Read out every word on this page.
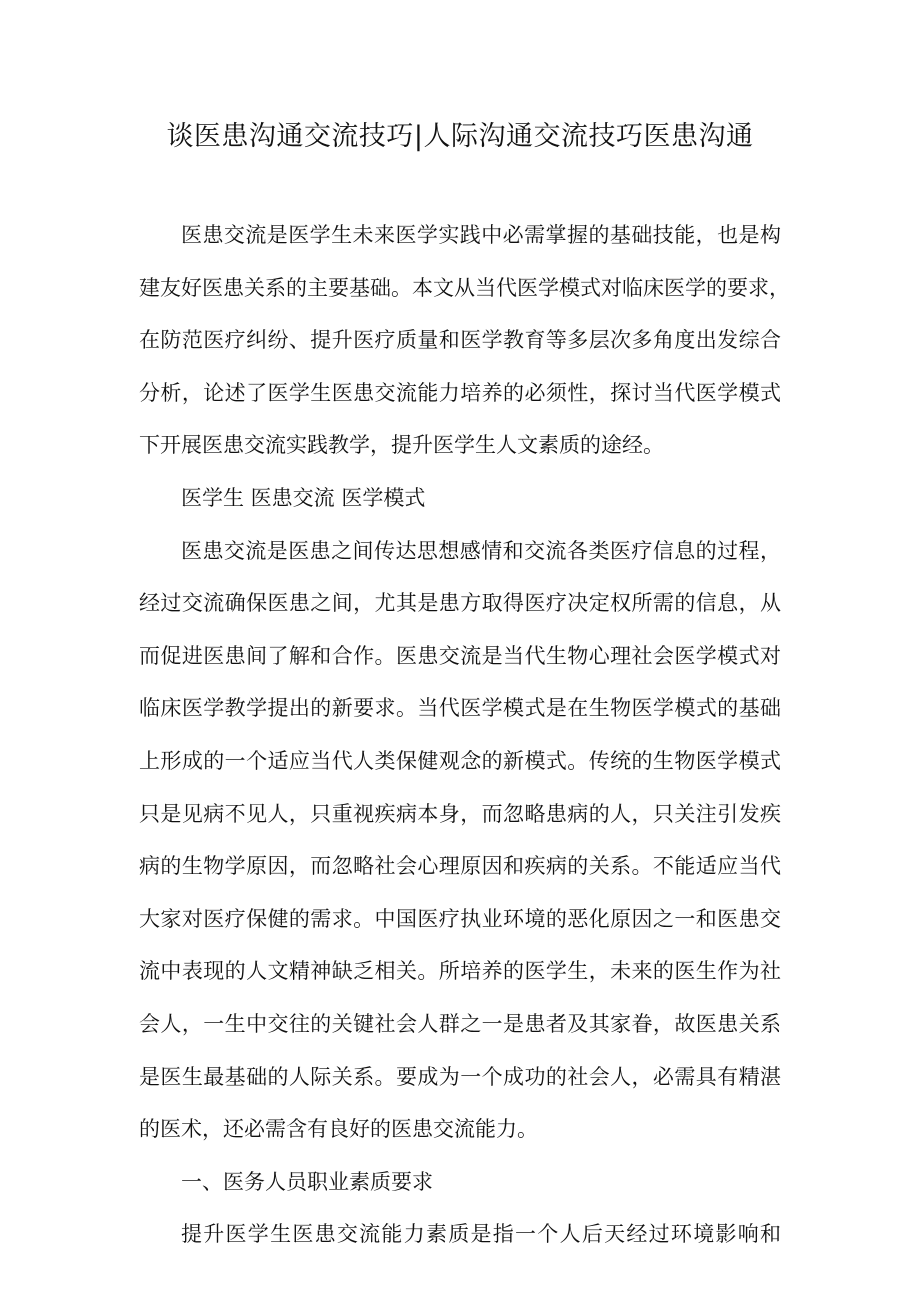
谈医患沟通交流技巧|人际沟通交流技巧医患沟通
医患交流是医学生未来医学实践中必需掌握的基础技能，也是构
建友好医患关系的主要基础。本文从当代医学模式对临床医学的要求，
在防范医疗纠纷、提升医疗质量和医学教育等多层次多角度出发综合
分析，论述了医学生医患交流能力培养的必须性，探讨当代医学模式
下开展医患交流实践教学，提升医学生人文素质的途经。
医学生 医患交流 医学模式
医患交流是医患之间传达思想感情和交流各类医疗信息的过程，
经过交流确保医患之间，尤其是患方取得医疗决定权所需的信息，从
而促进医患间了解和合作。医患交流是当代生物心理社会医学模式对
临床医学教学提出的新要求。当代医学模式是在生物医学模式的基础
上形成的一个适应当代人类保健观念的新模式。传统的生物医学模式
只是见病不见人，只重视疾病本身，而忽略患病的人，只关注引发疾
病的生物学原因，而忽略社会心理原因和疾病的关系。不能适应当代
大家对医疗保健的需求。中国医疗执业环境的恶化原因之一和医患交
流中表现的人文精神缺乏相关。所培养的医学生，未来的医生作为社
会人，一生中交往的关键社会人群之一是患者及其家眷，故医患关系
是医生最基础的人际关系。要成为一个成功的社会人，必需具有精湛
的医术，还必需含有良好的医患交流能力。
一、医务人员职业素质要求
提升医学生医患交流能力素质是指一个人后天经过环境影响和
